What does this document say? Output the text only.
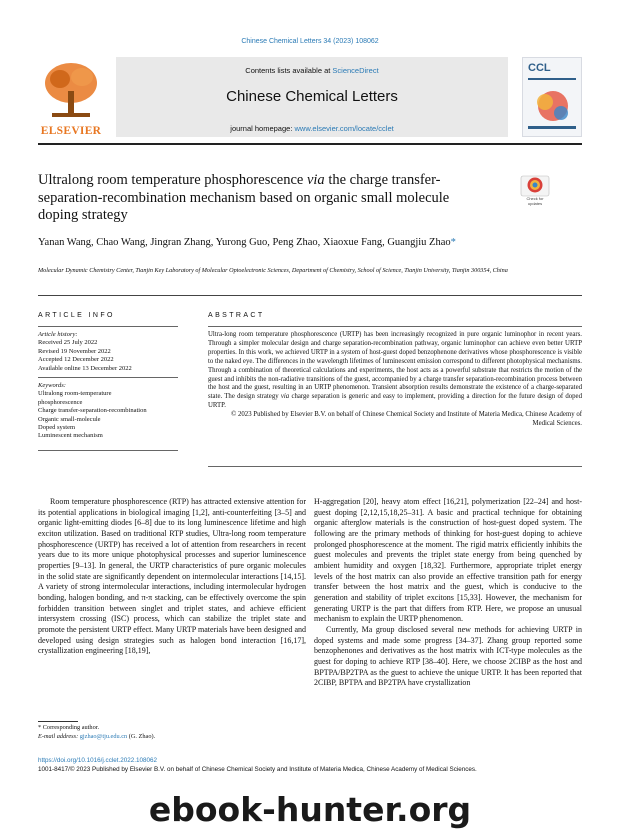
Chinese Chemical Letters 34 (2023) 108062
ELSEVIER
Contents lists available at ScienceDirect
Chinese Chemical Letters
journal homepage: www.elsevier.com/locate/cclet
CCL
Ultralong room temperature phosphorescence via the charge transfer-separation-recombination mechanism based on organic small molecule doping strategy
Check for updates
Yanan Wang, Chao Wang, Jingran Zhang, Yurong Guo, Peng Zhao, Xiaoxue Fang, Guangjiu Zhao*
Molecular Dynamic Chemistry Center, Tianjin Key Laboratory of Molecular Optoelectronic Sciences, Department of Chemistry, School of Science, Tianjin University, Tianjin 300354, China
ARTICLE INFO	ABSTRACT
Article history:
Received 25 July 2022
Revised 19 November 2022
Accepted 12 December 2022
Available online 13 December 2022
Keywords:
Ultralong room-temperature
phosphorescence
Charge transfer-separation-recombination
Organic small-molecule
Doped system
Luminescent mechanism
Ultra-long room temperature phosphorescence (URTP) has been increasingly recognized in pure organic luminophor in recent years. Through a simpler molecular design and charge separation-recombination pathway, organic luminophor can achieve even better URTP properties. In this work, we achieved URTP in a system of host-guest doped benzophenone derivatives whose phosphorescence is visible to the naked eye. The differences in the wavelength lifetimes of luminescent emission correspond to different photophysical mechanisms. Through a combination of theoretical calculations and experiments, the host acts as a powerful substrate that restricts the motion of the guest and inhibits the non-radiative transitions of the guest, accompanied by a charge transfer separation-recombination process between the host and the guest, resulting in an URTP phenomenon. Transient absorption results demonstrate the existence of a charge-separated state. The design strategy via charge separation is generic and easy to implement, providing a direction for the future design of doped URTP.
© 2023 Published by Elsevier B.V. on behalf of Chinese Chemical Society and Institute of Materia Medica, Chinese Academy of Medical Sciences.

Room temperature phosphorescence (RTP) has attracted extensive attention for its potential applications in biological imaging [1,2], anti-counterfeiting [3–5] and organic light-emitting diodes [6–8] due to its long luminescence lifetime and high exciton utilization. Based on traditional RTP studies, Ultra-long room temperature phosphorescence (URTP) has received a lot of attention from researchers in recent years due to its more unique photophysical processes and superior luminescence properties [9–13]. In general, the URTP characteristics of pure organic molecules in the solid state are significantly dependent on intermolecular interactions [14,15]. A variety of strong intermolecular interactions, including intermolecular hydrogen bonding, halogen bonding, and π-π stacking, can be effectively overcome the spin forbidden transition between singlet and triplet states, and achieve efficient intersystem crossing (ISC) process, which can stabilize the triplet state and promote the persistent URTP effect. Many URTP materials have been designed and developed using design strategies such as halogen bond interaction [16,17], crystallization engineering [18,19],

H-aggregation [20], heavy atom effect [16,21], polymerization [22–24] and host-guest doping [2,12,15,18,25–31]. A basic and practical technique for obtaining organic afterglow materials is the construction of host-guest doped system. The following are the primary methods of thinking for host-guest doping to achieve prolonged phosphorescence at the moment. The rigid matrix efficiently inhibits the guest molecules and prevents the triplet state energy from being quenched by ambient humidity and oxygen [18,32]. Furthermore, appropriate triplet energy levels of the host matrix can also provide an effective transition path for energy transfer between the host matrix and the guest, which is conducive to the generation and stability of triplet excitons [15,33]. However, the mechanism for generating URTP is the part that differs from RTP. Here, we propose an unusual mechanism to explain the URTP phenomenon.

Currently, Ma group disclosed several new methods for achieving URTP in doped systems and made some progress [34–37]. Zhang group reported some benzophenones and derivatives as the host matrix with ICT-type molecules as the guest for doping to achieve RTP [38–40]. Here, we choose 2CIBP as the host and BPTPA/BP2TPA as the guest to achieve the unique URTP. It has been reported that 2CIBP, BPTPA and BP2TPA have crystallization

* Corresponding author.
E-mail address: gjzhao@tju.edu.cn (G. Zhao).
https://doi.org/10.1016/j.cclet.2022.108062
1001-8417/© 2023 Published by Elsevier B.V. on behalf of Chinese Chemical Society and Institute of Materia Medica, Chinese Academy of Medical Sciences.
ebook-hunter.org
